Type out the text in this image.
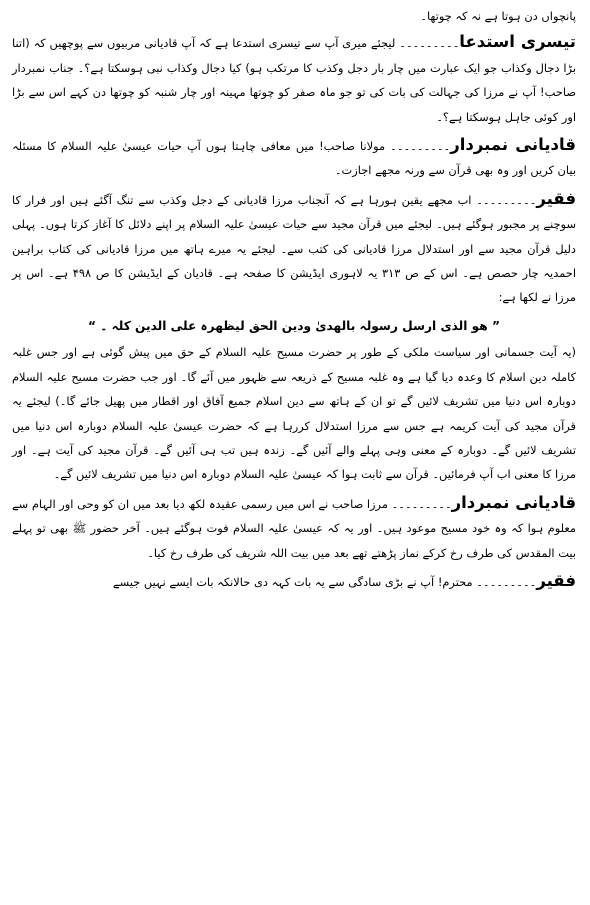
پانچواں دن ہوتا ہے نہ کہ چوتھا۔

تیسری استدعا۔۔۔۔۔۔۔۔۔ لیجئے میری آپ سے تیسری استدعا ہے کہ آپ قادیانی مربیوں سے پوچھیں کہ (اتنا بڑا دجال وکذاب جو ایک عبارت میں چار بار دجل وکذب کا مرتکب ہو) کیا دجال وکذاب نبی ہوسکتا ہے؟۔ جناب نمبردار صاحب! آپ نے مرزا کی جہالت کی بات کی تو جو ماہ صفر کو چوتھا مہینہ اور چار شنبہ کو چوتھا دن کہے اس سے بڑا اور کوئی جاہل ہوسکتا ہے؟۔

قادیانی نمبردار۔۔۔۔۔۔۔۔۔ مولانا صاحب! میں معافی چاہتا ہوں آپ حیات عیسیٰ علیہ السلام کا مسئلہ بیان کریں اور وہ بھی قرآن سے ورنہ مجھے اجازت۔

فقیر۔۔۔۔۔۔۔۔۔ اب مجھے یقین ہورہا ہے کہ آنجناب مرزا قادیانی کے دجل وکذب سے تنگ آگئے ہیں اور فرار کا سوچنے پر مجبور ہوگئے ہیں۔ لیجئے میں قرآن مجید سے حیات عیسیٰ علیہ السلام پر اپنے دلائل کا آغاز کرتا ہوں۔ پہلی دلیل قرآن مجید سے اور استدلال مرزا قادیانی کی کتب سے۔ لیجئے یہ میرے ہاتھ میں مرزا قادیانی کی کتاب براہین احمدیہ چار حصص ہے۔ اس کے ص ۳۱۳ یہ لاہوری ایڈیشن کا صفحہ ہے۔ قادیان کے ایڈیشن کا ص ۴۹۸ ہے۔ اس پر مرزا نے لکھا ہے:

” ھو الذی ارسل رسولہ بالھدیٰ ودین الحق لیظھرہ علی الدین کلہ ۔ “

(یہ آیت جسمانی اور سیاست ملکی کے طور پر حضرت مسیح علیہ السلام کے حق میں پیش گوئی ہے اور جس غلبہ کاملہ دین اسلام کا وعدہ دیا گیا ہے وہ غلبہ مسیح کے ذریعہ سے ظہور میں آئے گا۔ اور جب حضرت مسیح علیہ السلام دوبارہ اس دنیا میں تشریف لائیں گے تو ان کے ہاتھ سے دین اسلام جمیع آفاق اور اقطار میں پھیل جائے گا۔) لیجئے یہ قرآن مجید کی آیت کریمہ ہے جس سے مرزا استدلال کررہا ہے کہ حضرت عیسیٰ علیہ السلام دوبارہ اس دنیا میں تشریف لائیں گے۔ دوبارہ کے معنی وہی پہلے والے آئیں گے۔ زندہ ہیں تب ہی آئیں گے۔ قرآن مجید کی آیت ہے۔ اور مرزا کا معنی اب آپ فرمائیں۔ قرآن سے ثابت ہوا کہ عیسیٰ علیہ السلام دوبارہ اس دنیا میں تشریف لائیں گے۔

قادیانی نمبردار۔۔۔۔۔۔۔۔۔ مرزا صاحب نے اس میں رسمی عقیدہ لکھ دیا بعد میں ان کو وحی اور الہام سے معلوم ہوا کہ وہ خود مسیح موعود ہیں۔ اور یہ کہ عیسیٰ علیہ السلام فوت ہوگئے ہیں۔ آخر حضور ﷺ بھی تو پہلے بیت المقدس کی طرف رخ کرکے نماز پڑھتے تھے بعد میں بیت اللہ شریف کی طرف رخ کیا۔

فقیر۔۔۔۔۔۔۔۔۔ محترم! آپ نے بڑی سادگی سے یہ بات کہہ دی حالانکہ بات ایسے نہیں جیسے
